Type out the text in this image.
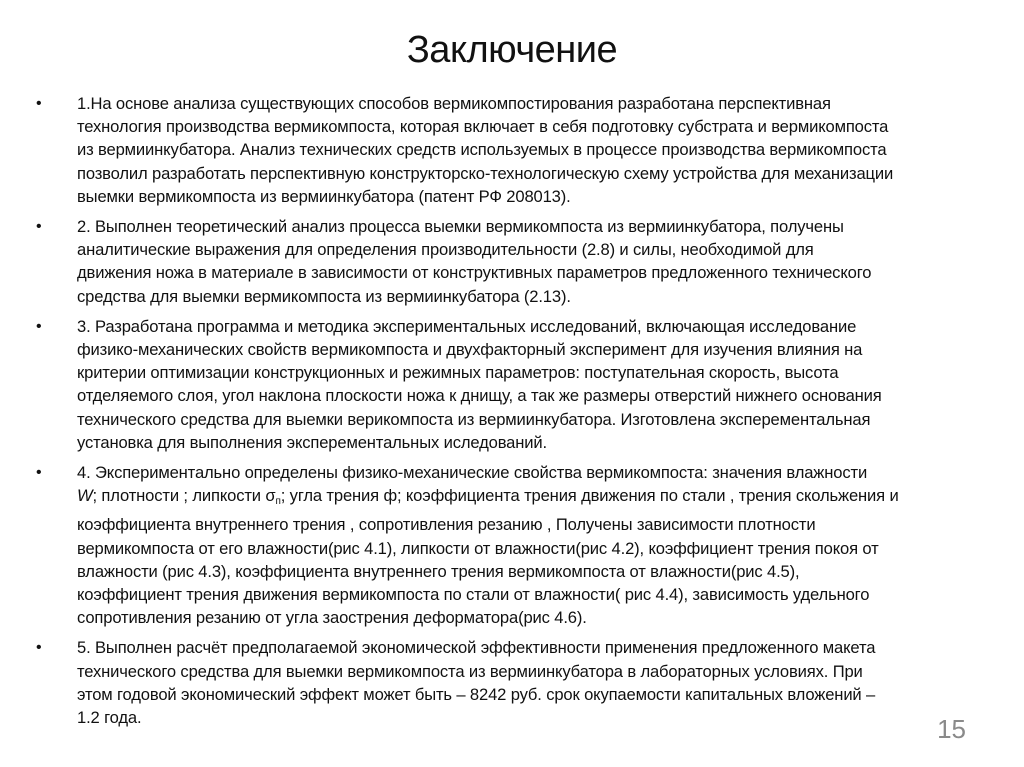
Заключение
•	1.На основе анализа существующих способов вермикомпостирования разработана перспективная
технология производства вермикомпоста, которая включает в себя подготовку субстрата и вермикомпоста
из вермиинкубатора. Анализ технических средств используемых в процессе производства вермикомпоста
позволил разработать перспективную конструкторско-технологическую схему устройства для механизации
выемки вермикомпоста из вермиинкубатора (патент РФ 208013).
•	2. Выполнен теоретический анализ процесса выемки вермикомпоста из вермиинкубатора, получены
аналитические выражения для определения производительности (2.8) и силы, необходимой для
движения ножа в материале в зависимости от конструктивных параметров предложенного технического
средства для выемки вермикомпоста из вермиинкубатора (2.13).
•	3. Разработана программа и методика экспериментальных исследований, включающая исследование
физико-механических свойств вермикомпоста и двухфакторный эксперимент для изучения влияния на
критерии оптимизации конструкционных и режимных параметров: поступательная скорость, высота
отделяемого слоя, угол наклона плоскости ножа к днищу, а так же размеры отверстий нижнего основания
технического средства для выемки верикомпоста из вермиинкубатора. Изготовлена эксперементальная
установка для выполнения эксперементальных иследований.
•	4. Экспериментально определены физико-механические свойства вермикомпоста: значения влажности
W; плотности ; липкости $\sigma_п$; угла трения ф; коэффициента трения движения по стали , трения скольжения и
коэффициента внутреннего трения , сопротивления резанию , Получены зависимости плотности
вермикомпоста от его влажности(рис 4.1), липкости от влажности(рис 4.2), коэффициент трения покоя от
влажности (рис 4.3), коэффициента внутреннего трения вермикомпоста от влажности(рис 4.5),
коэффициент трения движения вермикомпоста по стали от влажности( рис 4.4), зависимость удельного
сопротивления резанию от угла заострения деформатора(рис 4.6).
•	5. Выполнен расчёт предполагаемой экономической эффективности применения предложенного макета
технического средства для выемки вермикомпоста из вермиинкубатора в лабораторных условиях. При
этом годовой экономический эффект может быть – 8242 руб. срок окупаемости капитальных вложений –
1.2 года.	15
